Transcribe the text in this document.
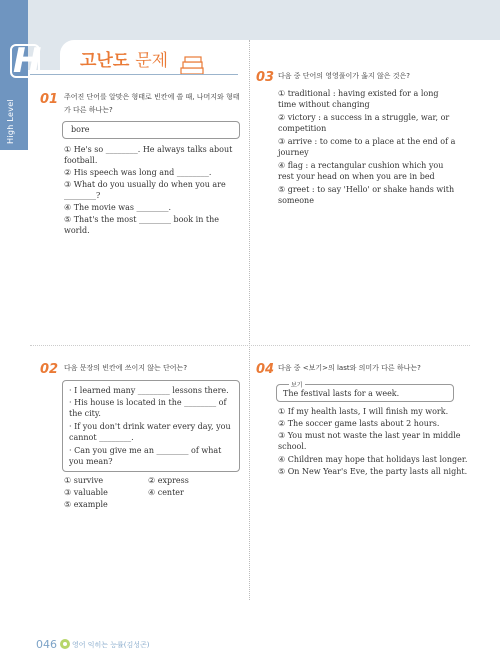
H
High Level
고난도 문제
01 주어진 단어를 알맞은 형태로 빈칸에 쓸 때, 나머지와 형태가 다른 하나는?
bore
① He's so ________. He always talks about football.
② His speech was long and ________.
③ What do you usually do when you are ________?
④ The movie was ________.
⑤ That's the most ________ book in the world.
02 다음 문장의 빈칸에 쓰이지 않는 단어는?
· I learned many ________ lessons there.
· His house is located in the ________ of the city.
· If you don't drink water every day, you cannot ________.
· Can you give me an ________ of what you mean?
① survive	② express
③ valuable	④ center
⑤ example
03 다음 중 단어의 영영풀이가 옳지 않은 것은?
① traditional : having existed for a long time without changing
② victory : a success in a struggle, war, or competition
③ arrive : to come to a place at the end of a journey
④ flag : a rectangular cushion which you rest your head on when you are in bed
⑤ greet : to say 'Hello' or shake hands with someone
04 다음 중 <보기>의 last와 의미가 다른 하나는?
보기
The festival lasts for a week.
① If my health lasts, I will finish my work.
② The soccer game lasts about 2 hours.
③ You must not waste the last year in middle school.
④ Children may hope that holidays last longer.
⑤ On New Year's Eve, the party lasts all night.
046 영어 익히는 능률(김성곤)
